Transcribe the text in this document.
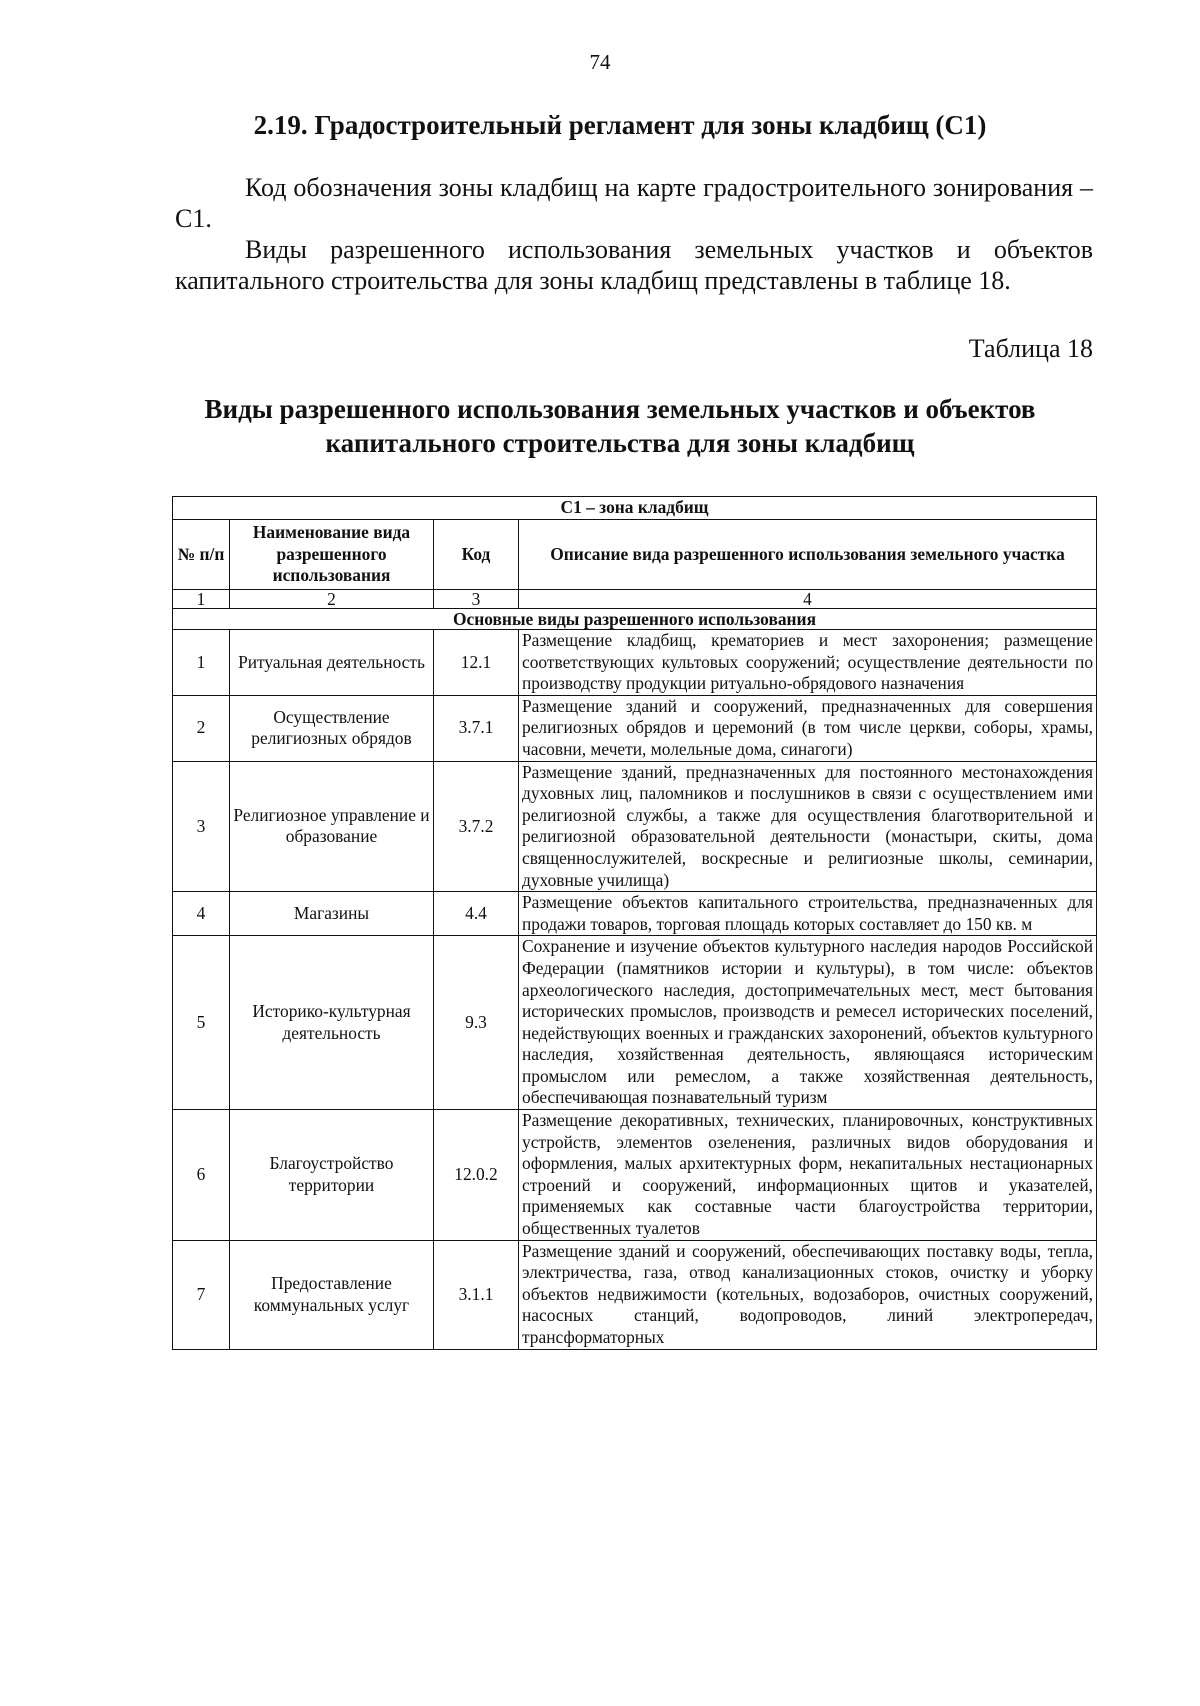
74
2.19. Градостроительный регламент для зоны кладбищ (С1)

Код обозначения зоны кладбищ на карте градостроительного зонирования – С1.

Виды разрешенного использования земельных участков и объектов капитального строительства для зоны кладбищ представлены в таблице 18.

Таблица 18
Виды разрешенного использования земельных участков и объектов капитального строительства для зоны кладбищ
С1 – зона кладбищ			
№ п/п	Наименование вида разрешенного использования	Код	Описание вида разрешенного использования земельного участка
1	2	3	4
Основные виды разрешенного использования			
1	Ритуальная деятельность	12.1	Размещение кладбищ, крематориев и мест захоронения; размещение соответствующих культовых сооружений; осуществление деятельности по производству продукции ритуально-обрядового назначения
2	Осуществление религиозных обрядов	3.7.1	Размещение зданий и сооружений, предназначенных для совершения религиозных обрядов и церемоний (в том числе церкви, соборы, храмы, часовни, мечети, молельные дома, синагоги)
3	Религиозное управление и образование	3.7.2	Размещение зданий, предназначенных для постоянного местонахождения духовных лиц, паломников и послушников в связи с осуществлением ими религиозной службы, а также для осуществления благотворительной и религиозной образовательной деятельности (монастыри, скиты, дома священнослужителей, воскресные и религиозные школы, семинарии, духовные училища)
4	Магазины	4.4	Размещение объектов капитального строительства, предназначенных для продажи товаров, торговая площадь которых составляет до 150 кв. м
5	Историко-культурная деятельность	9.3	Сохранение и изучение объектов культурного наследия народов Российской Федерации (памятников истории и культуры), в том числе: объектов археологического наследия, достопримечательных мест, мест бытования исторических промыслов, производств и ремесел исторических поселений, недействующих военных и гражданских захоронений, объектов культурного наследия, хозяйственная деятельность, являющаяся историческим промыслом или ремеслом, а также хозяйственная деятельность, обеспечивающая познавательный туризм
6	Благоустройство территории	12.0.2	Размещение декоративных, технических, планировочных, конструктивных устройств, элементов озеленения, различных видов оборудования и оформления, малых архитектурных форм, некапитальных нестационарных строений и сооружений, информационных щитов и указателей, применяемых как составные части благоустройства территории, общественных туалетов
7	Предоставление коммунальных услуг	3.1.1	Размещение зданий и сооружений, обеспечивающих поставку воды, тепла, электричества, газа, отвод канализационных стоков, очистку и уборку объектов недвижимости (котельных, водозаборов, очистных сооружений, насосных станций, водопроводов, линий электропередач, трансформаторных
